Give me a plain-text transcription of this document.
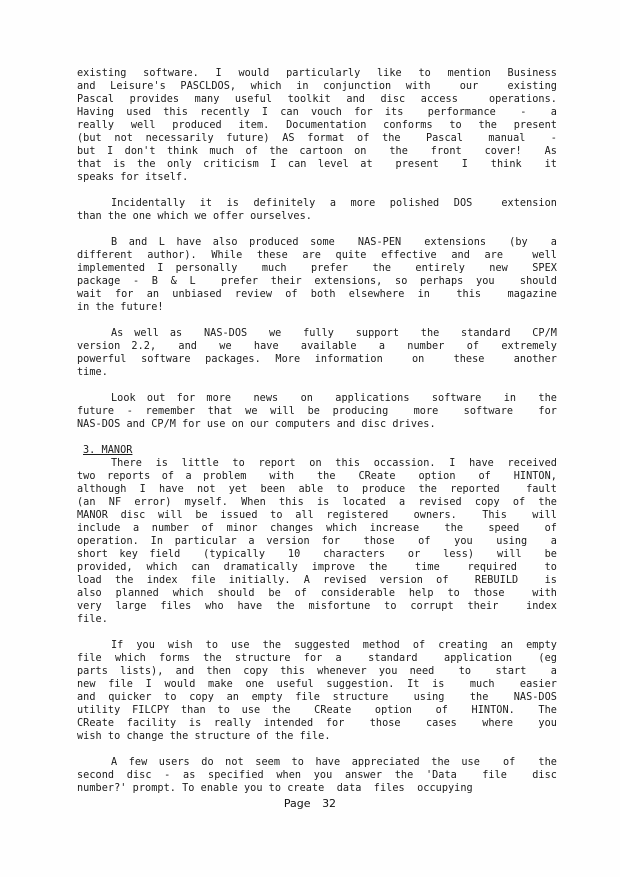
existing software. I would particularly like to mention Business
and Leisure's PASCLDOS, which in conjunction with  our  existing
Pascal provides many useful toolkit and disc access  operations.
Having used this recently I can vouch for its  performance  -  a
really well produced item. Documentation conforms to the present
(but not necessarily future) AS format of the  Pascal  manual  -
but I don't think much of the cartoon on  the  front  cover!  As
that is the only criticism I can level at  present  I  think  it
speaks for itself.
Incidentally it is definitely a more polished DOS  extension
than the one which we offer ourselves.
B and L have also produced some  NAS-PEN  extensions  (by  a
different author). While these are quite effective and are  well
implemented I personally  much  prefer  the  entirely  new  SPEX
package - B & L  prefer their extensions, so perhaps you  should
wait for an unbiased review of both elsewhere in  this  magazine
in the future!
As well as  NAS-DOS  we  fully  support  the  standard  CP/M
version 2.2,  and  we  have  available  a  number  of  extremely
powerful software packages. More information  on  these  another
time.
Look out for more  news  on  applications  software  in  the
future - remember that we will be producing  more  software  for
NAS-DOS and CP/M for use on our computers and disc drives.
3. MANOR
There is little to report on this occassion. I have received
two reports of a problem  with  the  CReate  option  of  HINTON,
although I have not yet been able to produce the reported  fault
(an NF error) myself. When this is located a revised copy of the
MANOR disc will be issued to all registered  owners.  This  will
include a number of minor changes which increase  the  speed  of
operation. In particular a version for  those  of  you  using  a
short key field  (typically  10  characters  or  less)  will  be
provided, which can dramatically improve the  time  required  to
load the index file initially. A revised version of  REBUILD  is
also planned which should be of considerable help to those  with
very large files who have the misfortune to corrupt their  index
file.
If you wish to use the suggested method of creating an empty
file which forms the structure for a  standard  application  (eg
parts lists), and then copy this whenever you need  to  start  a
new file I would make one useful suggestion. It is  much  easier
and quicker to copy an empty file structure  using  the  NAS-DOS
utility FILCPY than to use the  CReate  option  of  HINTON.  The
CReate facility is really intended for  those  cases  where  you
wish to change the structure of the file.
A few users do not seem to have appreciated the use  of  the
second disc - as specified when you answer the 'Data  file  disc
number?' prompt. To enable you to create  data  files  occupying
Page 32
